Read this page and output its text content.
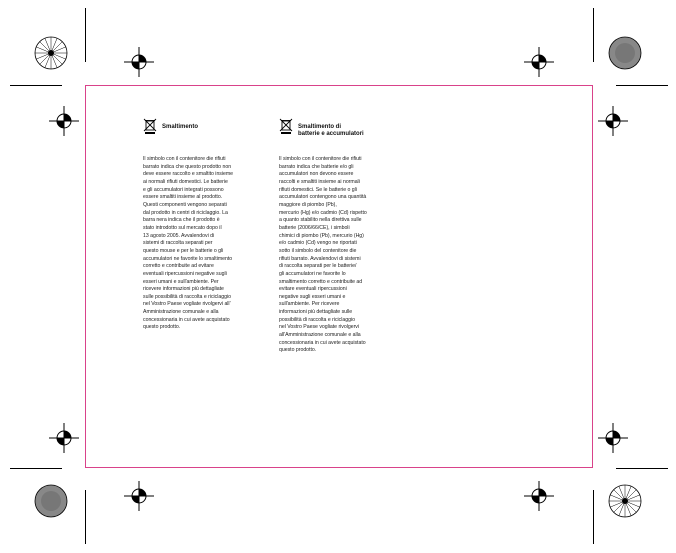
Smaltimento
Il simbolo con il contenitore die rifiuti
barrato indica che questo prodotto non
deve essere raccolto e smaltito insieme
ai normali rifiuti domestici. Le batterie
e gli accumulatori integrati possono
essere smaltiti insieme al prodotto.
Questi componenti vengono separati
dal prodotto in centri di riciclaggio. La
barra nera indica che il prodotto è
stato introdotto sul mercato dopo il
13 agosto 2005. Avvalendovi di
sistemi di raccolta separati per
questo mouse e per le batterie o gli
accumulatori ne favorite lo smaltimento
corretto e contribuite ad evitare
eventuali ripercussioni negative sugli
esseri umani e sull'ambiente. Per
ricevere informazioni più dettagliate
sulle possibilità di raccolta e riciclaggio
nel Vostro Paese vogliate rivolgervi all'
Amministrazione comunale e alla
concessionaria in cui avete acquistato
questo prodotto.
Smaltimento di
batterie e accumulatori
Il simbolo con il contenitore die rifiuti
barrato indica che batterie e/o gli
accumulatori non devono essere
raccolti e smaltiti insieme ai normali
rifiuti domestici. Se le batterie o gli
accumulatori contengono una quantità
maggiore di piombo (Pb),
mercurio (Hg) e/o cadmio (Cd) rispetto
a quanto stabilito nella direttiva sulle
batterie (2006/66/CE), i simboli
chimici di piombo (Pb), mercurio (Hg)
e/o cadmio (Cd) vengo ne riportati
sotto il simbolo del contenitore die
rifiuti barrato. Avvalendovi di sistemi
di raccolta separati per le batterie/
gli accumulatori ne favorite lo
smaltimento corretto e contribuite ad
evitare eventuali ripercussioni
negative sugli esseri umani e
sull'ambiente. Per ricevere
informazioni più dettagliate sulle
possibilità di raccolta e riciclaggio
nel Vostro Paese vogliate rivolgervi
all'Amministrazione comunale e alla
concessionaria in cui avete acquistato
questo prodotto.
